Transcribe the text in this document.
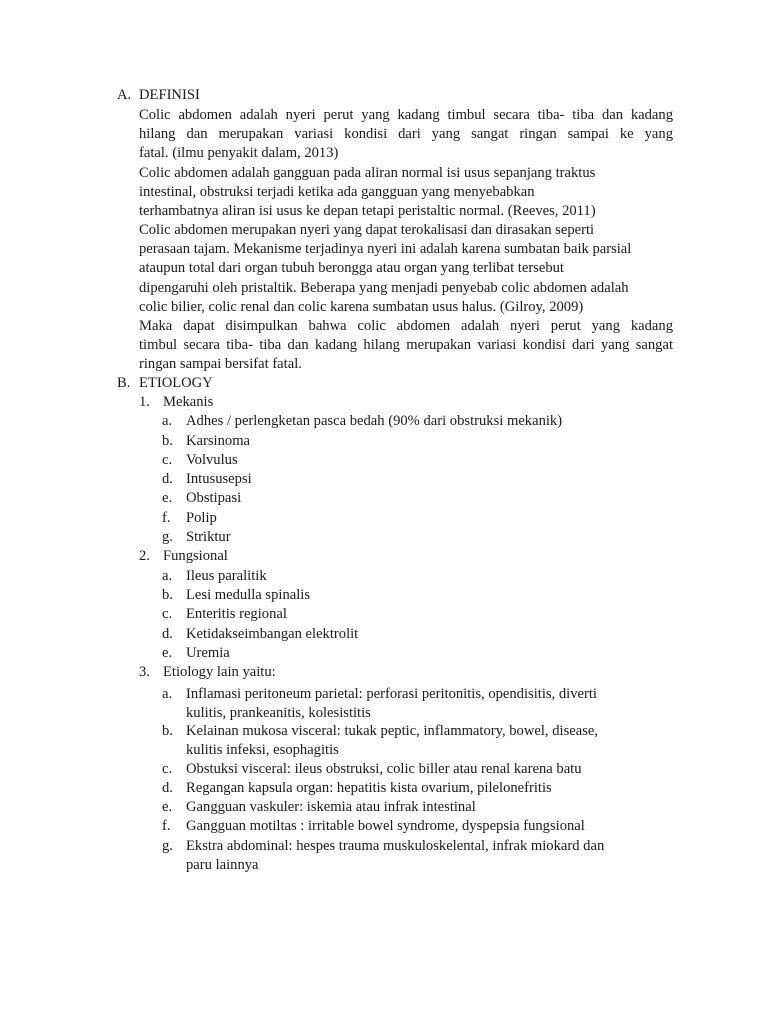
A. DEFINISI
Colic abdomen adalah nyeri perut yang kadang timbul secara tiba- tiba dan kadang
hilang dan merupakan variasi kondisi dari yang sangat ringan sampai ke yang
fatal. (ilmu penyakit dalam, 2013)
Colic abdomen adalah gangguan pada aliran normal isi usus sepanjang traktus
intestinal, obstruksi terjadi ketika ada gangguan yang menyebabkan
terhambatnya aliran isi usus ke depan tetapi peristaltic normal. (Reeves, 2011)
Colic abdomen merupakan nyeri yang dapat terokalisasi dan dirasakan seperti
perasaan tajam. Mekanisme terjadinya nyeri ini adalah karena sumbatan baik parsial
ataupun total dari organ tubuh berongga atau organ yang terlibat tersebut
dipengaruhi oleh pristaltik. Beberapa yang menjadi penyebab colic abdomen adalah
colic bilier, colic renal dan colic karena sumbatan usus halus. (Gilroy, 2009)
Maka dapat disimpulkan bahwa colic abdomen adalah nyeri perut yang kadang
timbul secara tiba- tiba dan kadang hilang merupakan variasi kondisi dari yang sangat
ringan sampai bersifat fatal.
B. ETIOLOGY
1. Mekanis
a. Adhes / perlengketan pasca bedah (90% dari obstruksi mekanik)
b. Karsinoma
c. Volvulus
d. Intususepsi
e. Obstipasi
f.	Polip
g. Striktur
2. Fungsional
a. Ileus paralitik
b. Lesi medulla spinalis
c. Enteritis regional
d. Ketidakseimbangan elektrolit
e. Uremia
3. Etiology lain yaitu:
a. Inflamasi peritoneum parietal: perforasi peritonitis, opendisitis, diverti
kulitis, prankeanitis, kolesistitis
b. Kelainan mukosa visceral: tukak peptic, inflammatory, bowel, disease,
kulitis infeksi, esophagitis
c. Obstuksi visceral: ileus obstruksi, colic biller atau renal karena batu
d. Regangan kapsula organ: hepatitis kista ovarium, pilelonefritis
e. Gangguan vaskuler: iskemia atau infrak intestinal
f.	Gangguan motiltas : irritable bowel syndrome, dyspepsia fungsional
g. Ekstra abdominal: hespes trauma muskuloskelental, infrak miokard dan
paru lainnya
